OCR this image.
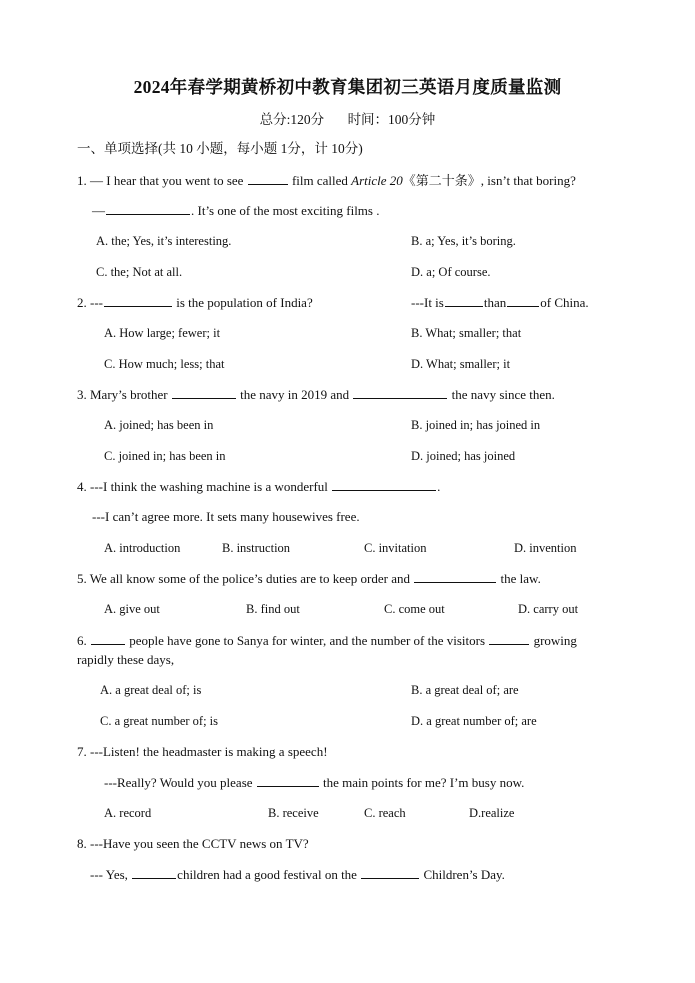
2024年春学期黄桥初中教育集团初三英语月度质量监测
总分:120分 时间：100分钟
一、单项选择(共 10 小题，每小题 1分，计 10分)
1. — I hear that you went to see	film called Article 20《第二十条》, isn’t that boring?
—	. It’s one of the most exciting films .
A. the; Yes, it’s interesting.	B. a; Yes, it’s boring.
C. the; Not at all.	D. a; Of course.
2. ---	is the population of India?	---It is	than	of China.
A. How large; fewer; it	B. What; smaller; that
C. How much; less; that	D. What; smaller; it
3. Mary’s brother	the navy in 2019 and	the navy since then.
A. joined; has been in	B. joined in; has joined in
C. joined in; has been in	D. joined; has joined
4. ---I think the washing machine is a wonderful	.
---I can’t agree more. It sets many housewives free.
A. introduction	B. instruction	C. invitation	D. invention
5. We all know some of the police’s duties are to keep order and	the law.
A. give out	B. find out	C. come out	D. carry out
6.	people have gone to Sanya for winter, and the number of the visitors	growing
rapidly these days,
A. a great deal of; is	B. a great deal of; are
C. a great number of; is	D. a great number of; are
7. ---Listen! the headmaster is making a speech!
---Really? Would you please	the main points for me? I’m busy now.
A. record	B. receive	C. reach	D.realize
8. ---Have you seen the CCTV news on TV?
--- Yes,	children had a good festival on the	Children’s Day.
